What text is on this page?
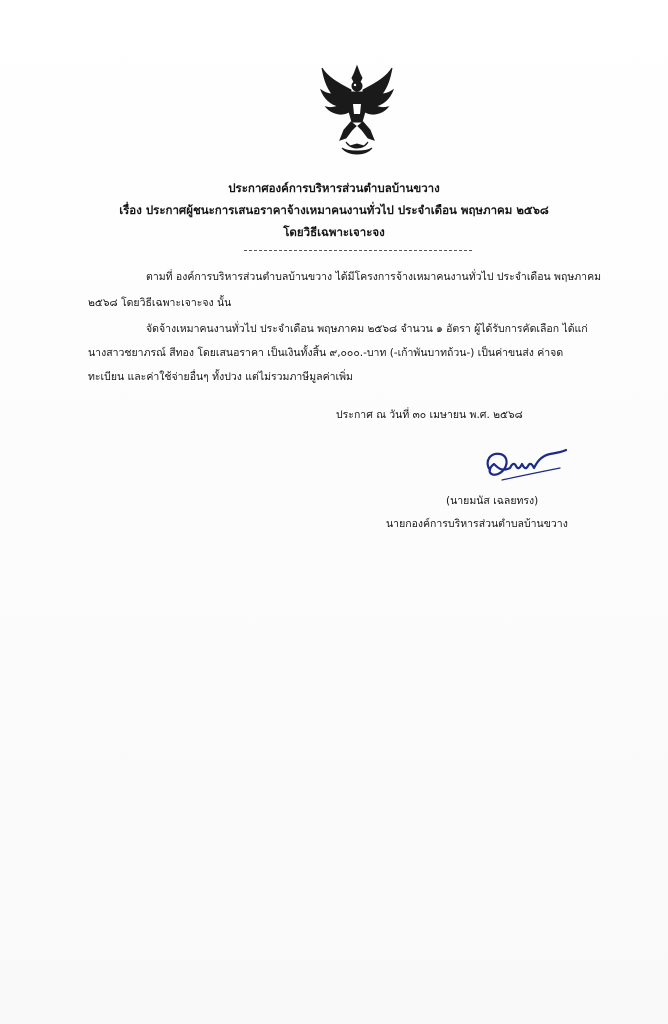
ประกาศองค์การบริหารส่วนตำบลบ้านขวาง
เรื่อง ประกาศผู้ชนะการเสนอราคาจ้างเหมาคนงานทั่วไป ประจำเดือน พฤษภาคม ๒๕๖๘
โดยวิธีเฉพาะเจาะจง
ตามที่ องค์การบริหารส่วนตำบลบ้านขวาง ได้มีโครงการจ้างเหมาคนงานทั่วไป ประจำเดือน พฤษภาคม
๒๕๖๘ โดยวิธีเฉพาะเจาะจง นั้น
จัดจ้างเหมาคนงานทั่วไป ประจำเดือน พฤษภาคม ๒๕๖๘ จำนวน ๑ อัตรา ผู้ได้รับการคัดเลือก ได้แก่
นางสาวชยาภรณ์ สีทอง โดยเสนอราคา เป็นเงินทั้งสิ้น ๙,๐๐๐.-บาท (-เก้าพันบาทถ้วน-) เป็นค่าขนส่ง ค่าจด
ทะเบียน และค่าใช้จ่ายอื่นๆ ทั้งปวง แต่ไม่รวมภาษีมูลค่าเพิ่ม
ประกาศ ณ วันที่ ๓๐ เมษายน พ.ศ. ๒๕๖๘
(นายมนัส เฉลยทรง)
นายกองค์การบริหารส่วนตำบลบ้านขวาง
